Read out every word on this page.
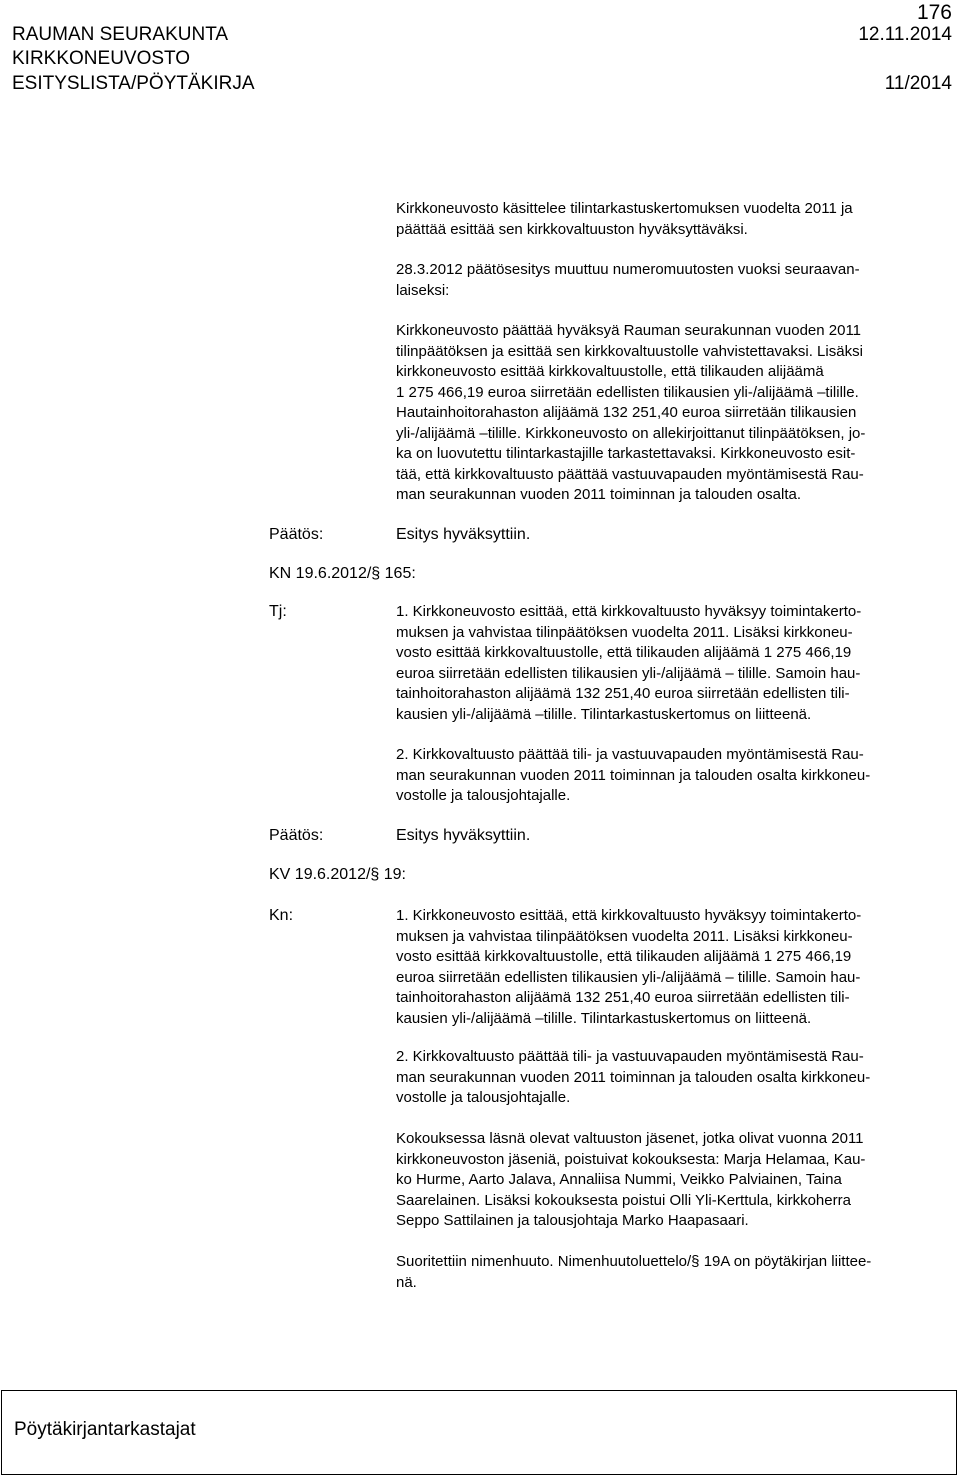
RAUMAN SEURAKUNTA
KIRKKONEUVOSTO
ESITYSLISTA/PÖYTÄKIRJA
176
12.11.2014
11/2014
Kirkkoneuvosto käsittelee tilintarkastuskertomuksen vuodelta 2011 ja
päättää esittää sen kirkkovaltuuston hyväksyttäväksi.
28.3.2012 päätösesitys muuttuu numeromuutosten vuoksi seuraavan-
laiseksi:
Kirkkoneuvosto päättää hyväksyä Rauman seurakunnan vuoden 2011
tilinpäätöksen ja esittää sen kirkkovaltuustolle vahvistettavaksi. Lisäksi
kirkkoneuvosto esittää kirkkovaltuustolle, että tilikauden alijäämä
1 275 466,19 euroa siirretään edellisten tilikausien yli-/alijäämä –tilille.
Hautainhoitorahaston alijäämä 132 251,40 euroa siirretään tilikausien
yli-/alijäämä –tilille. Kirkkoneuvosto on allekirjoittanut tilinpäätöksen, jo-
ka on luovutettu tilintarkastajille tarkastettavaksi. Kirkkoneuvosto esit-
tää, että kirkkovaltuusto päättää vastuuvapauden myöntämisestä Rau-
man seurakunnan vuoden 2011 toiminnan ja talouden osalta.
Päätös:	Esitys hyväksyttiin.
KN 19.6.2012/§ 165:
Tj:	1. Kirkkoneuvosto esittää, että kirkkovaltuusto hyväksyy toimintakerto-
muksen ja vahvistaa tilinpäätöksen vuodelta 2011. Lisäksi kirkkoneu-
vosto esittää kirkkovaltuustolle, että tilikauden alijäämä 1 275 466,19
euroa siirretään edellisten tilikausien yli-/alijäämä – tilille. Samoin hau-
tainhoitorahaston alijäämä 132 251,40 euroa siirretään edellisten tili-
kausien yli-/alijäämä –tilille. Tilintarkastuskertomus on liitteenä.
2. Kirkkovaltuusto päättää tili- ja vastuuvapauden myöntämisestä Rau-
man seurakunnan vuoden 2011 toiminnan ja talouden osalta kirkkoneu-
vostolle ja talousjohtajalle.
Päätös:	Esitys hyväksyttiin.
KV 19.6.2012/§ 19:
Kn:	1. Kirkkoneuvosto esittää, että kirkkovaltuusto hyväksyy toimintakerto-
muksen ja vahvistaa tilinpäätöksen vuodelta 2011. Lisäksi kirkkoneu-
vosto esittää kirkkovaltuustolle, että tilikauden alijäämä 1 275 466,19
euroa siirretään edellisten tilikausien yli-/alijäämä – tilille. Samoin hau-
tainhoitorahaston alijäämä 132 251,40 euroa siirretään edellisten tili-
kausien yli-/alijäämä –tilille. Tilintarkastuskertomus on liitteenä.
2. Kirkkovaltuusto päättää tili- ja vastuuvapauden myöntämisestä Rau-
man seurakunnan vuoden 2011 toiminnan ja talouden osalta kirkkoneu-
vostolle ja talousjohtajalle.
Kokouksessa läsnä olevat valtuuston jäsenet, jotka olivat vuonna 2011
kirkkoneuvoston jäseniä, poistuivat kokouksesta: Marja Helamaa, Kau-
ko Hurme, Aarto Jalava, Annaliisa Nummi, Veikko Palviainen, Taina
Saarelainen. Lisäksi kokouksesta poistui Olli Yli-Kerttula, kirkkoherra
Seppo Sattilainen ja talousjohtaja Marko Haapasaari.
Suoritettiin nimenhuuto. Nimenhuutoluettelo/§ 19A on pöytäkirjan liittee-
nä.
Pöytäkirjantarkastajat
